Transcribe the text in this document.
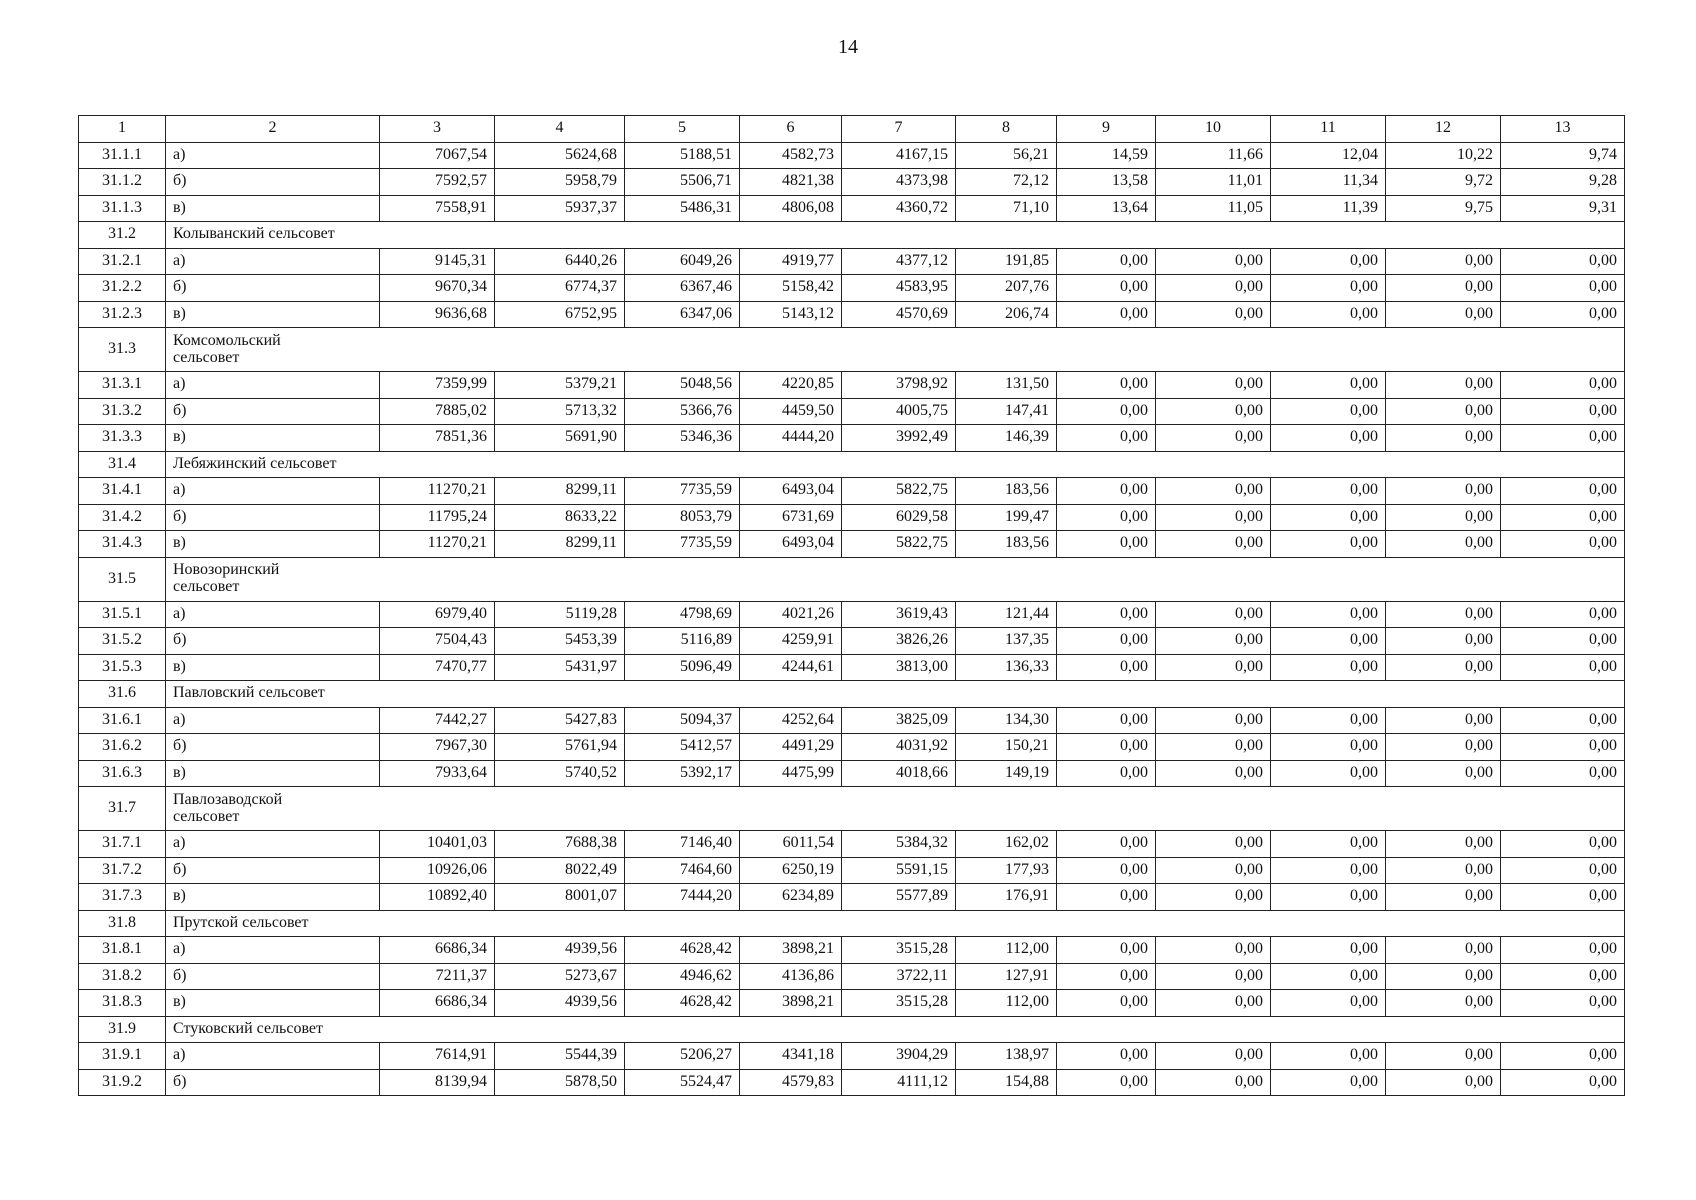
14
1	2	3	4	5	6	7	8	9	10	11	12	13
31.1.1	а)	7067,54	5624,68	5188,51	4582,73	4167,15	56,21	14,59	11,66	12,04	10,22	9,74
31.1.2	б)	7592,57	5958,79	5506,71	4821,38	4373,98	72,12	13,58	11,01	11,34	9,72	9,28
31.1.3	в)	7558,91	5937,37	5486,31	4806,08	4360,72	71,10	13,64	11,05	11,39	9,75	9,31
31.2	Колыванский сельсовет											
31.2.1	а)	9145,31	6440,26	6049,26	4919,77	4377,12	191,85	0,00	0,00	0,00	0,00	0,00
31.2.2	б)	9670,34	6774,37	6367,46	5158,42	4583,95	207,76	0,00	0,00	0,00	0,00	0,00
31.2.3	в)	9636,68	6752,95	6347,06	5143,12	4570,69	206,74	0,00	0,00	0,00	0,00	0,00
31.3	Комсомольский сельсовет											

31.3.1	а)	7359,99	5379,21	5048,56	4220,85	3798,92	131,50	0,00	0,00	0,00	0,00	0,00
31.3.2	б)	7885,02	5713,32	5366,76	4459,50	4005,75	147,41	0,00	0,00	0,00	0,00	0,00
31.3.3	в)	7851,36	5691,90	5346,36	4444,20	3992,49	146,39	0,00	0,00	0,00	0,00	0,00
31.4	Лебяжинский сельсовет											
31.4.1	а)	11270,21	8299,11	7735,59	6493,04	5822,75	183,56	0,00	0,00	0,00	0,00	0,00
31.4.2	б)	11795,24	8633,22	8053,79	6731,69	6029,58	199,47	0,00	0,00	0,00	0,00	0,00
31.4.3	в)	11270,21	8299,11	7735,59	6493,04	5822,75	183,56	0,00	0,00	0,00	0,00	0,00
31.5	Новозоринский сельсовет											

31.5.1	а)	6979,40	5119,28	4798,69	4021,26	3619,43	121,44	0,00	0,00	0,00	0,00	0,00
31.5.2	б)	7504,43	5453,39	5116,89	4259,91	3826,26	137,35	0,00	0,00	0,00	0,00	0,00
31.5.3	в)	7470,77	5431,97	5096,49	4244,61	3813,00	136,33	0,00	0,00	0,00	0,00	0,00
31.6	Павловский сельсовет											
31.6.1	а)	7442,27	5427,83	5094,37	4252,64	3825,09	134,30	0,00	0,00	0,00	0,00	0,00
31.6.2	б)	7967,30	5761,94	5412,57	4491,29	4031,92	150,21	0,00	0,00	0,00	0,00	0,00
31.6.3	в)	7933,64	5740,52	5392,17	4475,99	4018,66	149,19	0,00	0,00	0,00	0,00	0,00
31.7	Павлозаводской сельсовет											

31.7.1	а)	10401,03	7688,38	7146,40	6011,54	5384,32	162,02	0,00	0,00	0,00	0,00	0,00
31.7.2	б)	10926,06	8022,49	7464,60	6250,19	5591,15	177,93	0,00	0,00	0,00	0,00	0,00
31.7.3	в)	10892,40	8001,07	7444,20	6234,89	5577,89	176,91	0,00	0,00	0,00	0,00	0,00
31.8	Прутской сельсовет											
31.8.1	а)	6686,34	4939,56	4628,42	3898,21	3515,28	112,00	0,00	0,00	0,00	0,00	0,00
31.8.2	б)	7211,37	5273,67	4946,62	4136,86	3722,11	127,91	0,00	0,00	0,00	0,00	0,00
31.8.3	в)	6686,34	4939,56	4628,42	3898,21	3515,28	112,00	0,00	0,00	0,00	0,00	0,00
31.9	Стуковский сельсовет											
31.9.1	а)	7614,91	5544,39	5206,27	4341,18	3904,29	138,97	0,00	0,00	0,00	0,00	0,00
31.9.2	б)	8139,94	5878,50	5524,47	4579,83	4111,12	154,88	0,00	0,00	0,00	0,00	0,00
